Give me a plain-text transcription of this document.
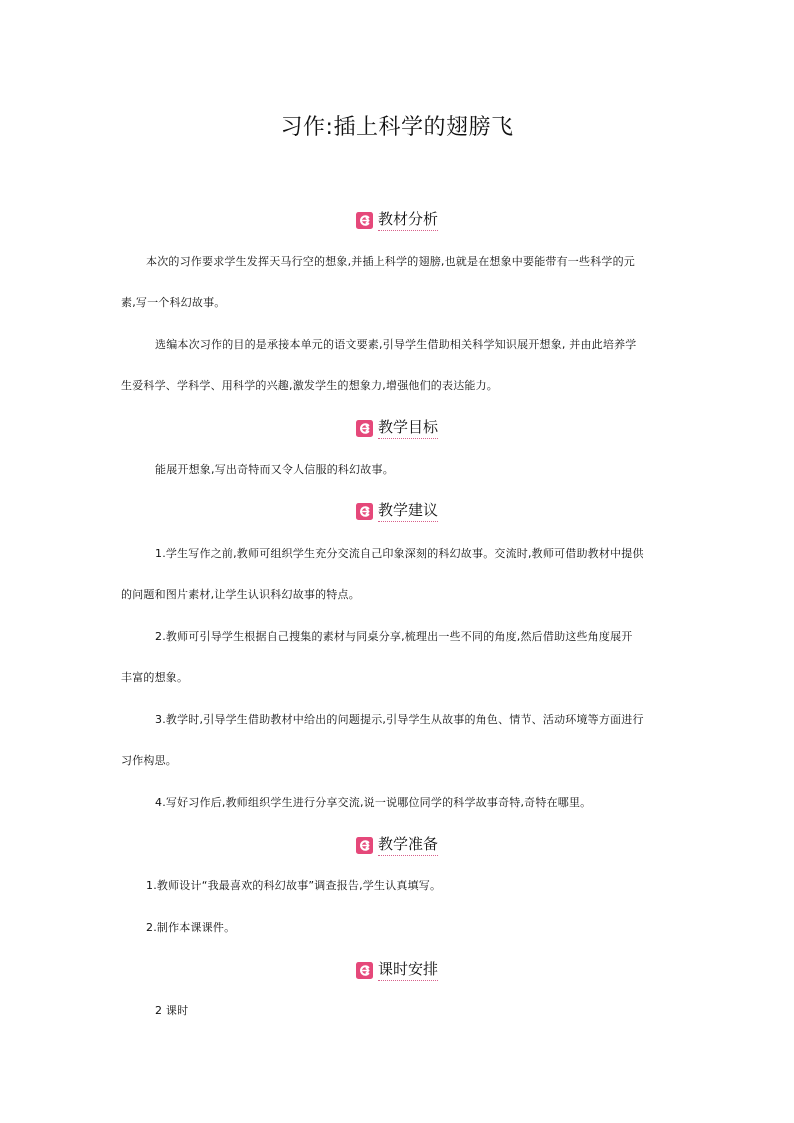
习作:插上科学的翅膀飞
教材分析
本次的习作要求学生发挥天马行空的想象,并插上科学的翅膀,也就是在想象中要能带有一些科学的元
素,写一个科幻故事。
选编本次习作的目的是承接本单元的语文要素,引导学生借助相关科学知识展开想象, 并由此培养学
生爱科学、学科学、用科学的兴趣,激发学生的想象力,增强他们的表达能力。
教学目标
能展开想象,写出奇特而又令人信服的科幻故事。
教学建议
1.学生写作之前,教师可组织学生充分交流自己印象深刻的科幻故事。交流时,教师可借助教材中提供
的问题和图片素材,让学生认识科幻故事的特点。
2.教师可引导学生根据自己搜集的素材与同桌分享,梳理出一些不同的角度,然后借助这些角度展开
丰富的想象。
3.教学时,引导学生借助教材中给出的问题提示,引导学生从故事的角色、情节、活动环境等方面进行
习作构思。
4.写好习作后,教师组织学生进行分享交流,说一说哪位同学的科学故事奇特,奇特在哪里。
教学准备
1.教师设计“我最喜欢的科幻故事”调查报告,学生认真填写。
2.制作本课课件。
课时安排
2 课时
